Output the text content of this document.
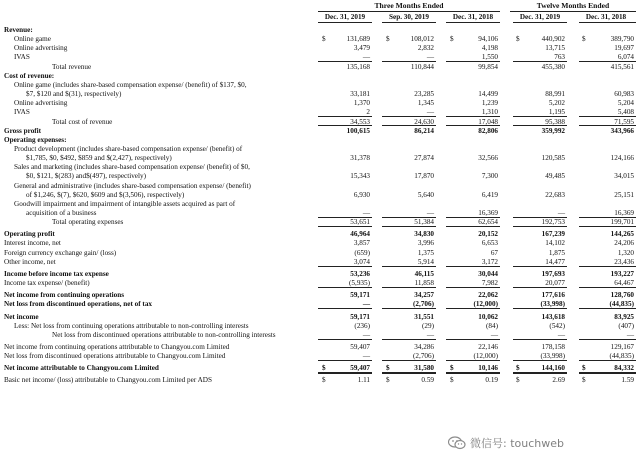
Three Months Ended	Twelve Months Ended
Dec. 31, 2019	Sep. 30, 2019	Dec. 31, 2018	Dec. 31, 2019	Dec. 31, 2018
Revenue:
Online game	$	131,689 $	108,012 $	94,106	$	440,902 $	389,790
Online advertising	3,479	2,832	4,198	13,715	19,697
IVAS	—	—	1,550	763	6,074
Total revenue	135,168	110,844	99,854	455,380	415,561
Cost of revenue:
Online game (includes share-based compensation expense/ (benefit) of $137, $0,
$7, $120 and $(31), respectively)	33,181	23,285	14,499	88,991	60,983
Online advertising	1,370	1,345	1,239	5,202	5,204
IVAS	2	—	1,310	1,195	5,408
Total cost of revenue	34,553	24,630	17,048	95,388	71,595
Gross profit	100,615	86,214	82,806	359,992	343,966
Operating expenses:
Product development (includes share-based compensation expense/ (benefit) of
$1,785, $0, $492, $859 and $(2,427), respectively)	31,378	27,874	32,566	120,585	124,166
Sales and marketing (includes share-based compensation expense/ (benefit) of $0,
$0, $121, $(283) and$(497), respectively)	15,343	17,870	7,300	49,485	34,015
General and administrative (includes share-based compensation expense/ (benefit)
of $1,246, $(7), $620, $609 and $(3,506), respectively)	6,930	5,640	6,419	22,683	25,151
Goodwill impairment and impairment of intangible assets acquired as part of
acquisition of a business	—	—	16,369	—	16,369
Total operating expenses	53,651	51,384	62,654	192,753	199,701
Operating profit	46,964	34,830	20,152	167,239	144,265
Interest income, net	3,857	3,996	6,653	14,102	24,206
Foreign currency exchange gain/ (loss)	(659)	1,375	67	1,875	1,320
Other income, net	3,074	5,914	3,172	14,477	23,436
Income before income tax expense	53,236	46,115	30,044	197,693	193,227
Income tax expense/ (benefit)	(5,935)	11,858	7,982	20,077	64,467
Net income from continuing operations	59,171	34,257	22,062	177,616	128,760
Net loss from discontinued operations, net of tax	—	(2,706)	(12,000)	(33,998)	(44,835)
Net income	59,171	31,551	10,062	143,618	83,925
Less: Net loss from continuing operations attributable to non-controlling interests	(236)	(29)	(84)	(542)	(407)
Net loss from discontinued operations attributable to non-controlling interests	—	—	—	—	—
Net income from continuing operations attributable to Changyou.com Limited	59,407	34,286	22,146	178,158	129,167
Net loss from discontinued operations attributable to Changyou.com Limited	—	(2,706)	(12,000)	(33,998)	(44,835)
Net income attributable to Changyou.com Limited	$	59,407 $	31,580 $	10,146	$	144,160 $	84,332
Basic net income/ (loss) attributable to Changyou.com Limited per ADS	$	1.11 $	0.59 $	0.19	$	2.69 $	1.59
微信号: touchweb
